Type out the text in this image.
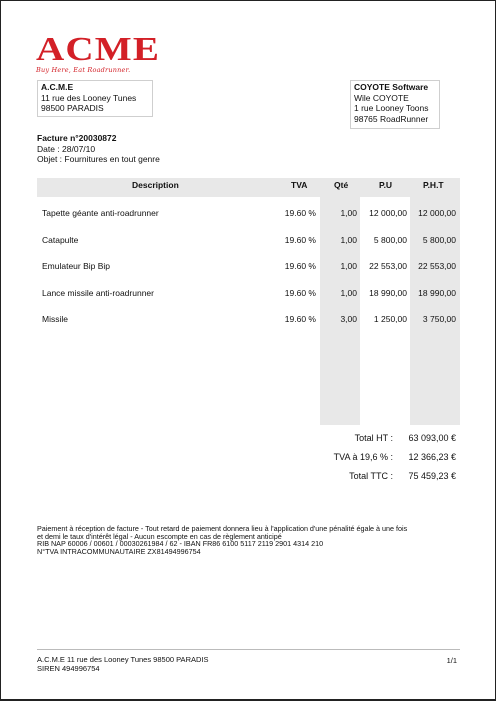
ACME
Buy Here, Eat Roadrunner.
A.C.M.E
11 rue des Looney Tunes
98500 PARADIS
COYOTE Software
Wile COYOTE
1 rue Looney Toons
98765 RoadRunner
Facture n°20030872
Date : 28/07/10
Objet : Fournitures en tout genre
Description	TVA	Qté	P.U	P.H.T
Tapette géante anti-roadrunner	19.60 %	1,00	12 000,00	12 000,00
Catapulte	19.60 %	1,00	5 800,00	5 800,00
Emulateur Bip Bip	19.60 %	1,00	22 553,00	22 553,00
Lance missile anti-roadrunner	19.60 %	1,00	18 990,00	18 990,00
Missile	19.60 %	3,00	1 250,00	3 750,00
Total HT :	63 093,00 €
TVA à 19,6 % :	12 366,23 €
Total TTC :	75 459,23 €
Paiement à réception de facture - Tout retard de paiement donnera lieu à l'application d'une pénalité égale à une fois
et demi le taux d'intérêt légal - Aucun escompte en cas de règlement anticipé
RIB NAP 60006 / 00601 / 00030261984 / 62 - IBAN FR86 6100 5117 2119 2901 4314 210
N°TVA INTRACOMMUNAUTAIRE ZX81494996754
A.C.M.E 11 rue des Looney Tunes 98500 PARADIS
SIREN 494996754
1/1
